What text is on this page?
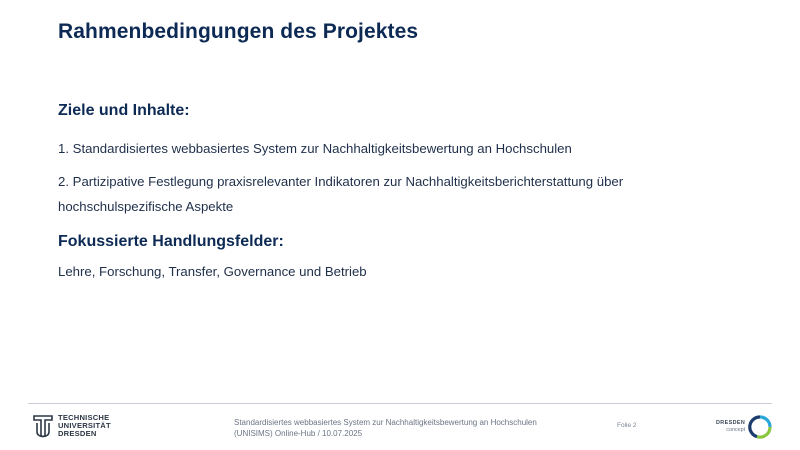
Rahmenbedingungen des Projektes
Ziele und Inhalte:
1. Standardisiertes webbasiertes System zur Nachhaltigkeitsbewertung an Hochschulen
2. Partizipative Festlegung praxisrelevanter Indikatoren zur Nachhaltigkeitsberichterstattung über
hochschulspezifische Aspekte
Fokussierte Handlungsfelder:
Lehre, Forschung, Transfer, Governance und Betrieb
TECHNISCHE
UNIVERSITÄT
DRESDEN
Standardisiertes webbasiertes System zur Nachhaltigkeitsbewertung an Hochschulen
(UNISIMS) Online-Hub / 10.07.2025
Folie 2	DRESDEN
concept
